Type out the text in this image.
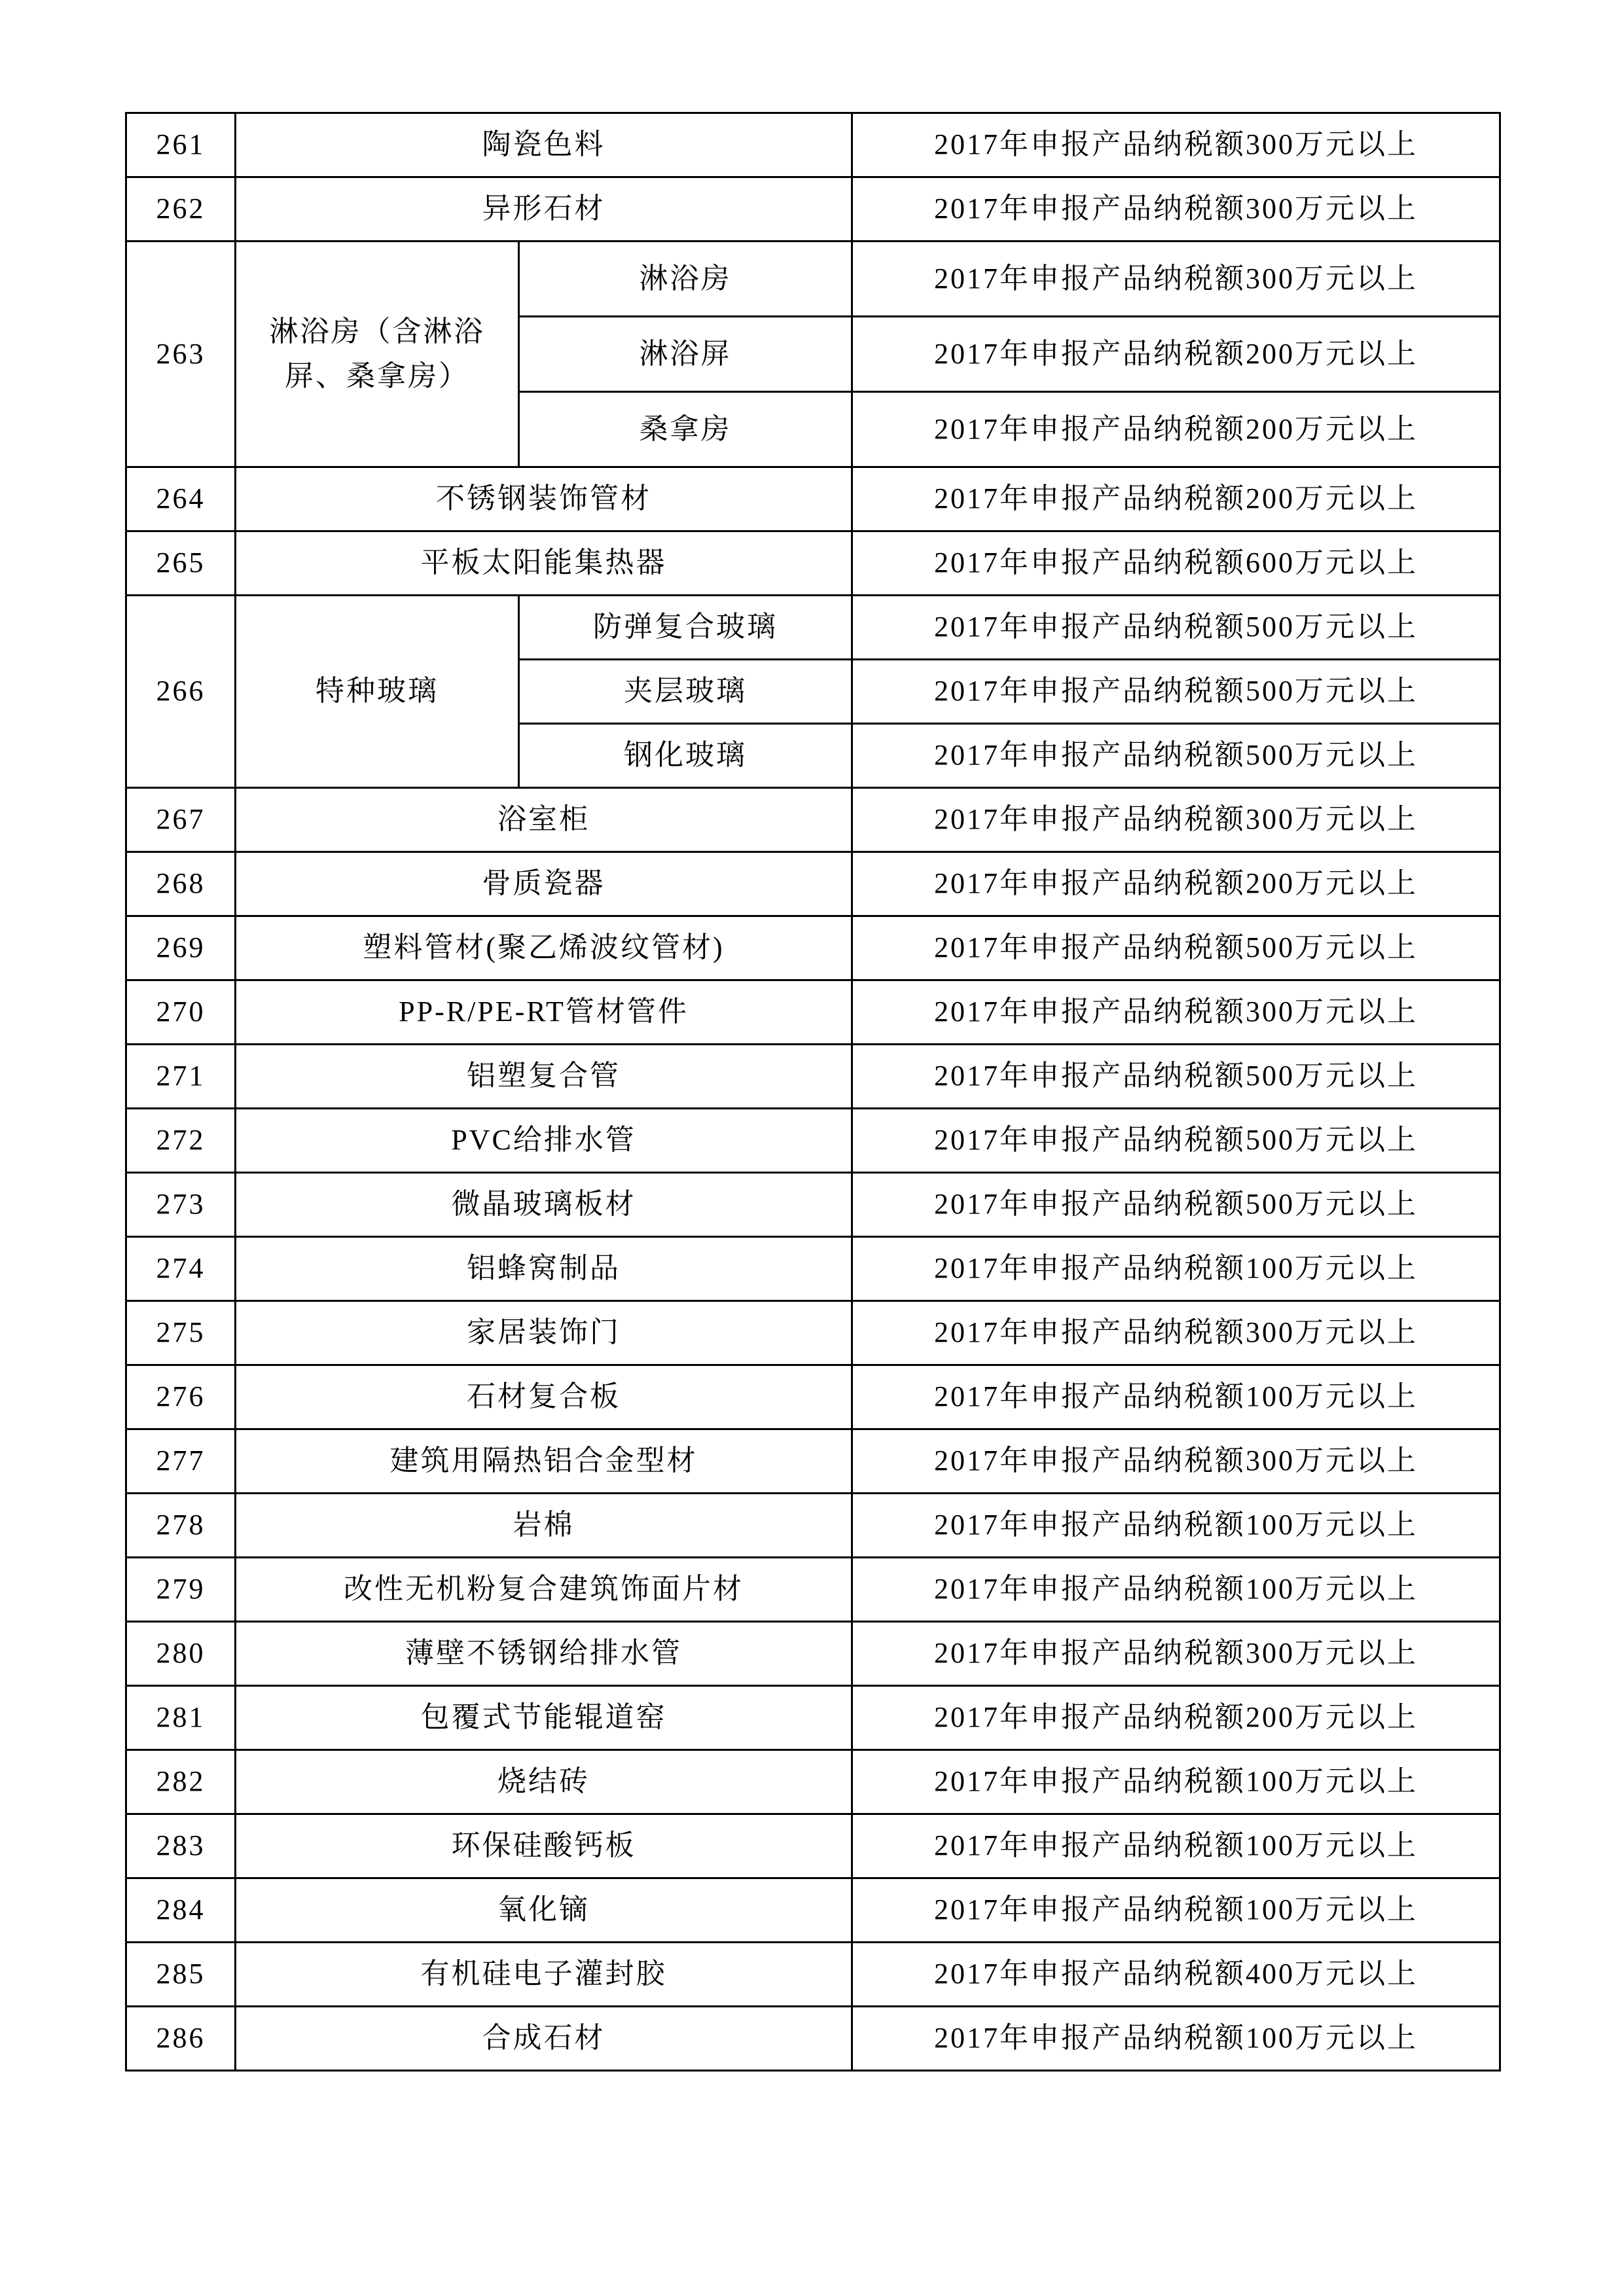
261	陶瓷色料		2017年申报产品纳税额300万元以上
262	异形石材		2017年申报产品纳税额300万元以上
263	淋浴房（含淋浴屏、桑拿房）	淋浴房	2017年申报产品纳税额300万元以上
		淋浴屏	2017年申报产品纳税额200万元以上
		桑拿房	2017年申报产品纳税额200万元以上
264	不锈钢装饰管材		2017年申报产品纳税额200万元以上
265	平板太阳能集热器		2017年申报产品纳税额600万元以上
266	特种玻璃	防弹复合玻璃	2017年申报产品纳税额500万元以上
		夹层玻璃	2017年申报产品纳税额500万元以上
		钢化玻璃	2017年申报产品纳税额500万元以上
267	浴室柜		2017年申报产品纳税额300万元以上
268	骨质瓷器		2017年申报产品纳税额200万元以上
269	塑料管材(聚乙烯波纹管材)		2017年申报产品纳税额500万元以上
270	PP-R/PE-RT管材管件		2017年申报产品纳税额300万元以上
271	铝塑复合管		2017年申报产品纳税额500万元以上
272	PVC给排水管		2017年申报产品纳税额500万元以上
273	微晶玻璃板材		2017年申报产品纳税额500万元以上
274	铝蜂窝制品		2017年申报产品纳税额100万元以上
275	家居装饰门		2017年申报产品纳税额300万元以上
276	石材复合板		2017年申报产品纳税额100万元以上
277	建筑用隔热铝合金型材		2017年申报产品纳税额300万元以上
278	岩棉		2017年申报产品纳税额100万元以上
279	改性无机粉复合建筑饰面片材		2017年申报产品纳税额100万元以上
280	薄壁不锈钢给排水管		2017年申报产品纳税额300万元以上
281	包覆式节能辊道窑		2017年申报产品纳税额200万元以上
282	烧结砖		2017年申报产品纳税额100万元以上
283	环保硅酸钙板		2017年申报产品纳税额100万元以上
284	氧化镝		2017年申报产品纳税额100万元以上
285	有机硅电子灌封胶		2017年申报产品纳税额400万元以上
286	合成石材		2017年申报产品纳税额100万元以上
